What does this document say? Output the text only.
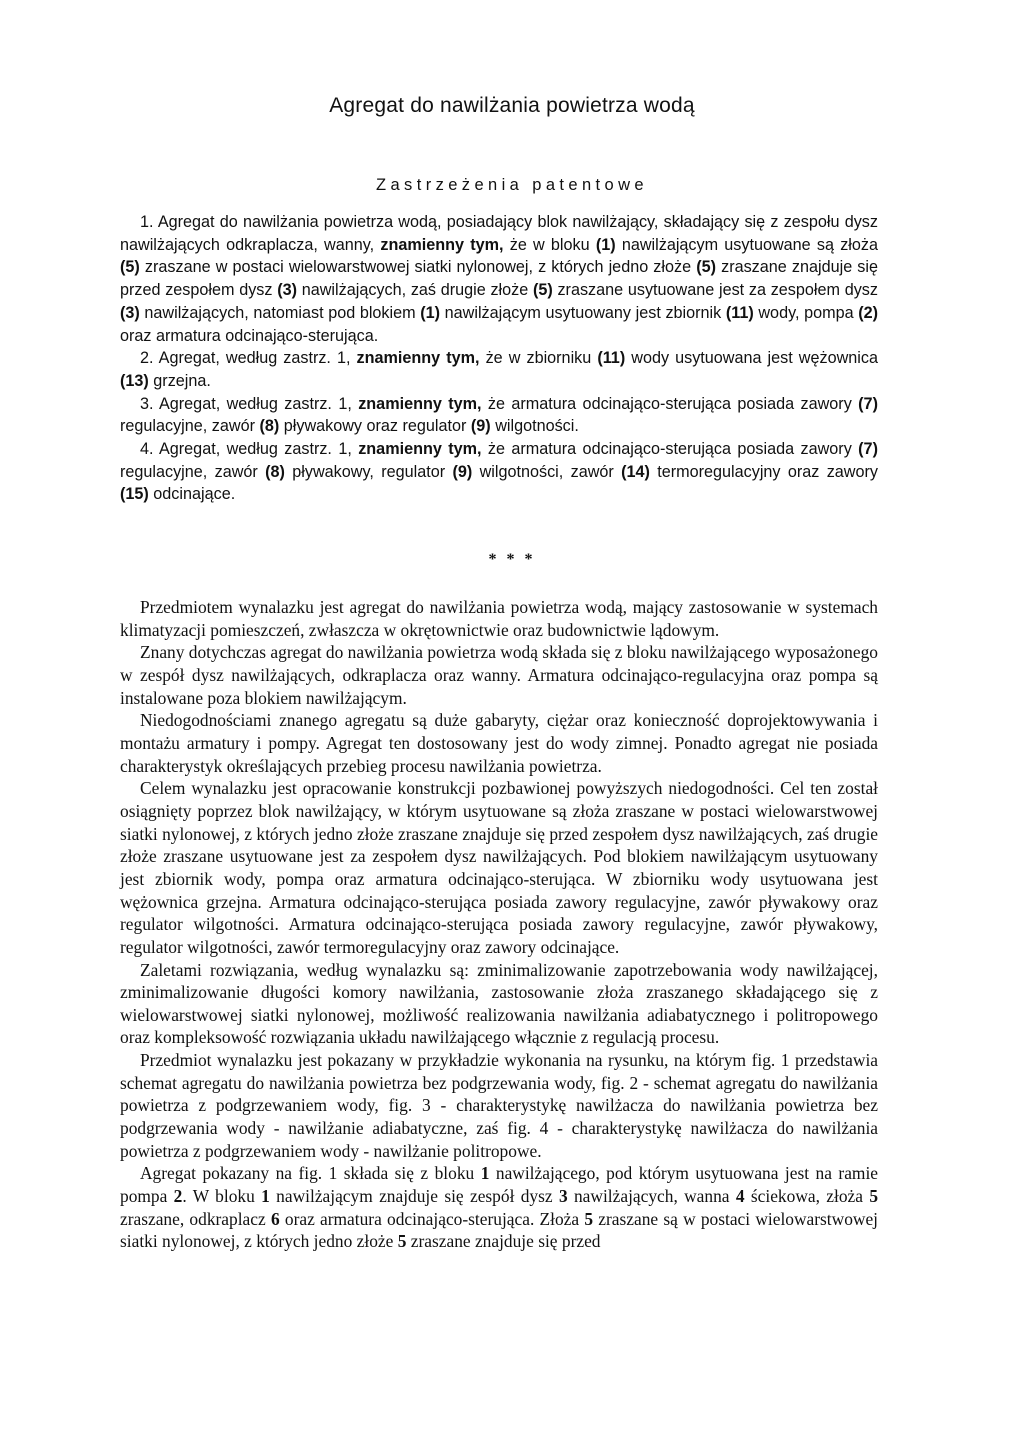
Agregat do nawilżania powietrza wodą
Zastrzeżenia patentowe

1. Agregat do nawilżania powietrza wodą, posiadający blok nawilżający, składający się z zespołu dysz nawilżających odkraplacza, wanny, znamienny tym, że w bloku (1) nawilżającym usytuowane są złoża (5) zraszane w postaci wielowarstwowej siatki nylonowej, z których jedno złoże (5) zraszane znajduje się przed zespołem dysz (3) nawilżających, zaś drugie złoże (5) zraszane usytuowane jest za zespołem dysz (3) nawilżających, natomiast pod blokiem (1) nawilżającym usytuowany jest zbiornik (11) wody, pompa (2) oraz armatura odcinająco-sterująca.

2. Agregat, według zastrz. 1, znamienny tym, że w zbiorniku (11) wody usytuowana jest wężownica (13) grzejna.

3. Agregat, według zastrz. 1, znamienny tym, że armatura odcinająco-sterująca posiada zawory (7) regulacyjne, zawór (8) pływakowy oraz regulator (9) wilgotności.

4. Agregat, według zastrz. 1, znamienny tym, że armatura odcinająco-sterująca posiada zawory (7) regulacyjne, zawór (8) pływakowy, regulator (9) wilgotności, zawór (14) termoregulacyjny oraz zawory (15) odcinające.

* * *

Przedmiotem wynalazku jest agregat do nawilżania powietrza wodą, mający zastosowanie w systemach klimatyzacji pomieszczeń, zwłaszcza w okrętownictwie oraz budownictwie lądowym.

Znany dotychczas agregat do nawilżania powietrza wodą składa się z bloku nawilżającego wyposażonego w zespół dysz nawilżających, odkraplacza oraz wanny. Armatura odcinająco-regulacyjna oraz pompa są instalowane poza blokiem nawilżającym.

Niedogodnościami znanego agregatu są duże gabaryty, ciężar oraz konieczność doprojektowywania i montażu armatury i pompy. Agregat ten dostosowany jest do wody zimnej. Ponadto agregat nie posiada charakterystyk określających przebieg procesu nawilżania powietrza.

Celem wynalazku jest opracowanie konstrukcji pozbawionej powyższych niedogodności. Cel ten został osiągnięty poprzez blok nawilżający, w którym usytuowane są złoża zraszane w postaci wielowarstwowej siatki nylonowej, z których jedno złoże zraszane znajduje się przed zespołem dysz nawilżających, zaś drugie złoże zraszane usytuowane jest za zespołem dysz nawilżających. Pod blokiem nawilżającym usytuowany jest zbiornik wody, pompa oraz armatura odcinająco-sterująca. W zbiorniku wody usytuowana jest wężownica grzejna. Armatura odcinająco-sterująca posiada zawory regulacyjne, zawór pływakowy oraz regulator wilgotności. Armatura odcinająco-sterująca posiada zawory regulacyjne, zawór pływakowy, regulator wilgotności, zawór termoregulacyjny oraz zawory odcinające.

Zaletami rozwiązania, według wynalazku są: zminimalizowanie zapotrzebowania wody nawilżającej, zminimalizowanie długości komory nawilżania, zastosowanie złoża zraszanego składającego się z wielowarstwowej siatki nylonowej, możliwość realizowania nawilżania adiabatycznego i politropowego oraz kompleksowość rozwiązania układu nawilżającego włącznie z regulacją procesu.

Przedmiot wynalazku jest pokazany w przykładzie wykonania na rysunku, na którym fig. 1 przedstawia schemat agregatu do nawilżania powietrza bez podgrzewania wody, fig. 2 - schemat agregatu do nawilżania powietrza z podgrzewaniem wody, fig. 3 - charakterystykę nawilżacza do nawilżania powietrza bez podgrzewania wody - nawilżanie adiabatyczne, zaś fig. 4 - charakterystykę nawilżacza do nawilżania powietrza z podgrzewaniem wody - nawilżanie politropowe.

Agregat pokazany na fig. 1 składa się z bloku 1 nawilżającego, pod którym usytuowana jest na ramie pompa 2. W bloku 1 nawilżającym znajduje się zespół dysz 3 nawilżających, wanna 4 ściekowa, złoża 5 zraszane, odkraplacz 6 oraz armatura odcinająco-sterująca. Złoża 5 zraszane są w postaci wielowarstwowej siatki nylonowej, z których jedno złoże 5 zraszane znajduje się przed
